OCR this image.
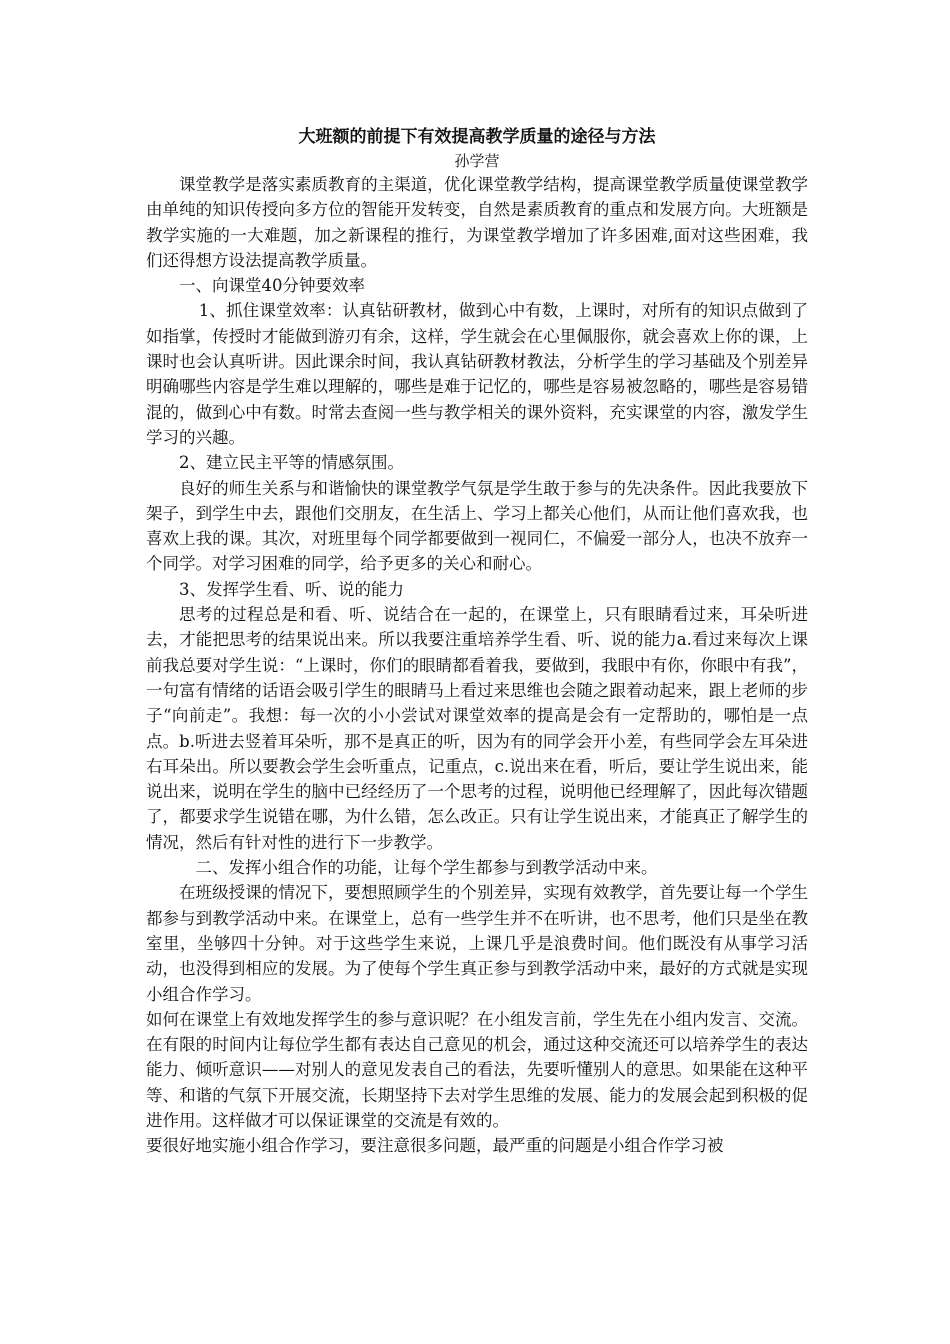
大班额的前提下有效提高教学质量的途径与方法

孙学营

课堂教学是落实素质教育的主渠道，优化课堂教学结构，提高课堂教学质量使课堂教学由单纯的知识传授向多方位的智能开发转变，自然是素质教育的重点和发展方向。大班额是教学实施的一大难题，加之新课程的推行，为课堂教学增加了许多困难,面对这些困难，我们还得想方设法提高教学质量。

一、向课堂40分钟要效率

1、抓住课堂效率：认真钻研教材，做到心中有数，上课时，对所有的知识点做到了如指掌，传授时才能做到游刃有余，这样，学生就会在心里佩服你，就会喜欢上你的课，上课时也会认真听讲。因此课余时间，我认真钻研教材教法，分析学生的学习基础及个别差异明确哪些内容是学生难以理解的，哪些是难于记忆的，哪些是容易被忽略的，哪些是容易错混的，做到心中有数。时常去查阅一些与教学相关的课外资料，充实课堂的内容，激发学生学习的兴趣。

2、建立民主平等的情感氛围。

良好的师生关系与和谐愉快的课堂教学气氛是学生敢于参与的先决条件。因此我要放下架子，到学生中去，跟他们交朋友，在生活上、学习上都关心他们，从而让他们喜欢我，也喜欢上我的课。其次，对班里每个同学都要做到一视同仁，不偏爱一部分人，也决不放弃一个同学。对学习困难的同学，给予更多的关心和耐心。

3、发挥学生看、听、说的能力

思考的过程总是和看、听、说结合在一起的，在课堂上，只有眼睛看过来，耳朵听进去，才能把思考的结果说出来。所以我要注重培养学生看、听、说的能力a.看过来每次上课前我总要对学生说：“上课时，你们的眼睛都看着我，要做到，我眼中有你，你眼中有我”，一句富有情绪的话语会吸引学生的眼睛马上看过来思维也会随之跟着动起来，跟上老师的步子“向前走”。我想：每一次的小小尝试对课堂效率的提高是会有一定帮助的，哪怕是一点点。b.听进去竖着耳朵听，那不是真正的听，因为有的同学会开小差，有些同学会左耳朵进右耳朵出。所以要教会学生会听重点，记重点，c.说出来在看，听后，要让学生说出来，能说出来，说明在学生的脑中已经经历了一个思考的过程，说明他已经理解了，因此每次错题了，都要求学生说错在哪，为什么错，怎么改正。只有让学生说出来，才能真正了解学生的情况，然后有针对性的进行下一步教学。

二、发挥小组合作的功能，让每个学生都参与到教学活动中来。

在班级授课的情况下，要想照顾学生的个别差异，实现有效教学，首先要让每一个学生都参与到教学活动中来。在课堂上，总有一些学生并不在听讲，也不思考，他们只是坐在教室里，坐够四十分钟。对于这些学生来说，上课几乎是浪费时间。他们既没有从事学习活动，也没得到相应的发展。为了使每个学生真正参与到教学活动中来，最好的方式就是实现小组合作学习。

如何在课堂上有效地发挥学生的参与意识呢？在小组发言前，学生先在小组内发言、交流。在有限的时间内让每位学生都有表达自己意见的机会，通过这种交流还可以培养学生的表达能力、倾听意识——对别人的意见发表自己的看法，先要听懂别人的意思。如果能在这种平等、和谐的气氛下开展交流，长期坚持下去对学生思维的发展、能力的发展会起到积极的促进作用。这样做才可以保证课堂的交流是有效的。

要很好地实施小组合作学习，要注意很多问题，最严重的问题是小组合作学习被
